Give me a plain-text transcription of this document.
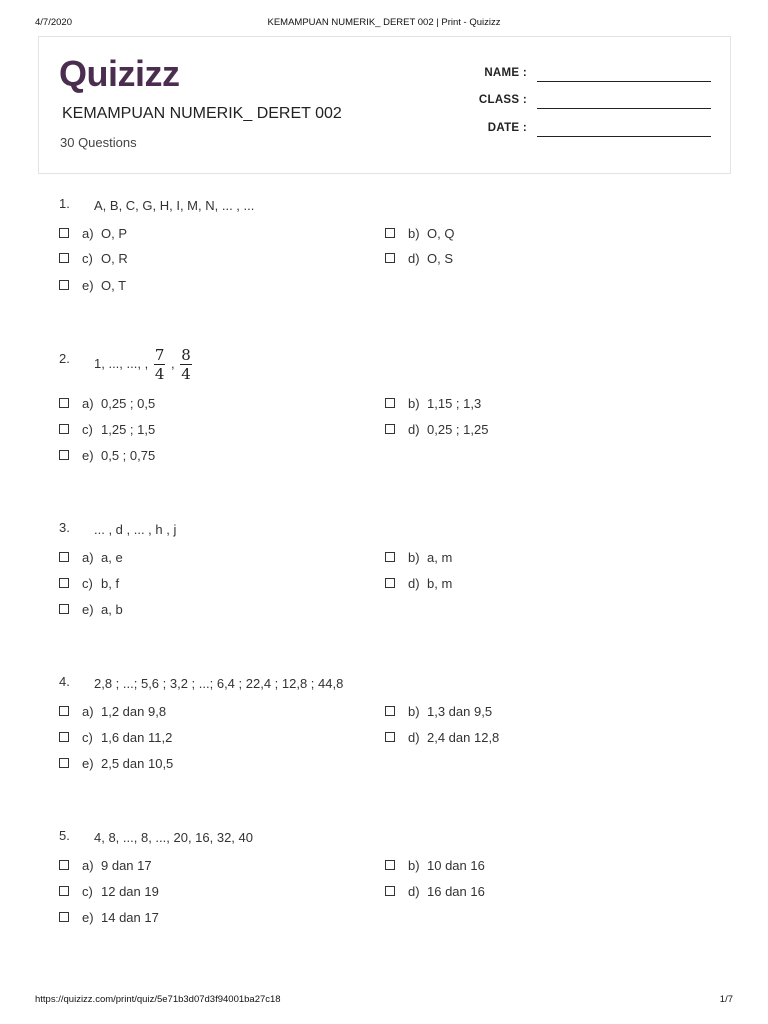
4/7/2020	KEMAMPUAN NUMERIK_ DERET 002 | Print - Quizizz
Quizizz
KEMAMPUAN NUMERIK_ DERET 002
30 Questions
NAME :
CLASS :
DATE :
1. A, B, C, G, H, I, M, N, ... , ...
a) O, P	b) O, Q
c) O, R	d) O, S
e) O, T
2. 1, ..., ..., , $\frac{7}{4}$ , $\frac{8}{4}$
a) 0,25 ; 0,5	b) 1,15 ; 1,3
c) 1,25 ; 1,5	d) 0,25 ; 1,25
e) 0,5 ; 0,75
3. ... , d , ... , h , j
a) a, e	b) a, m
c) b, f	d) b, m
e) a, b
4. 2,8 ; ...; 5,6 ; 3,2 ; ...; 6,4 ; 22,4 ; 12,8 ; 44,8
a) 1,2 dan 9,8	b) 1,3 dan 9,5
c) 1,6 dan 11,2	d) 2,4 dan 12,8
e) 2,5 dan 10,5
5. 4, 8, ..., 8, ..., 20, 16, 32, 40
a) 9 dan 17	b) 10 dan 16
c) 12 dan 19	d) 16 dan 16
e) 14 dan 17
https://quizizz.com/print/quiz/5e71b3d07d3f94001ba27c18	1/7
